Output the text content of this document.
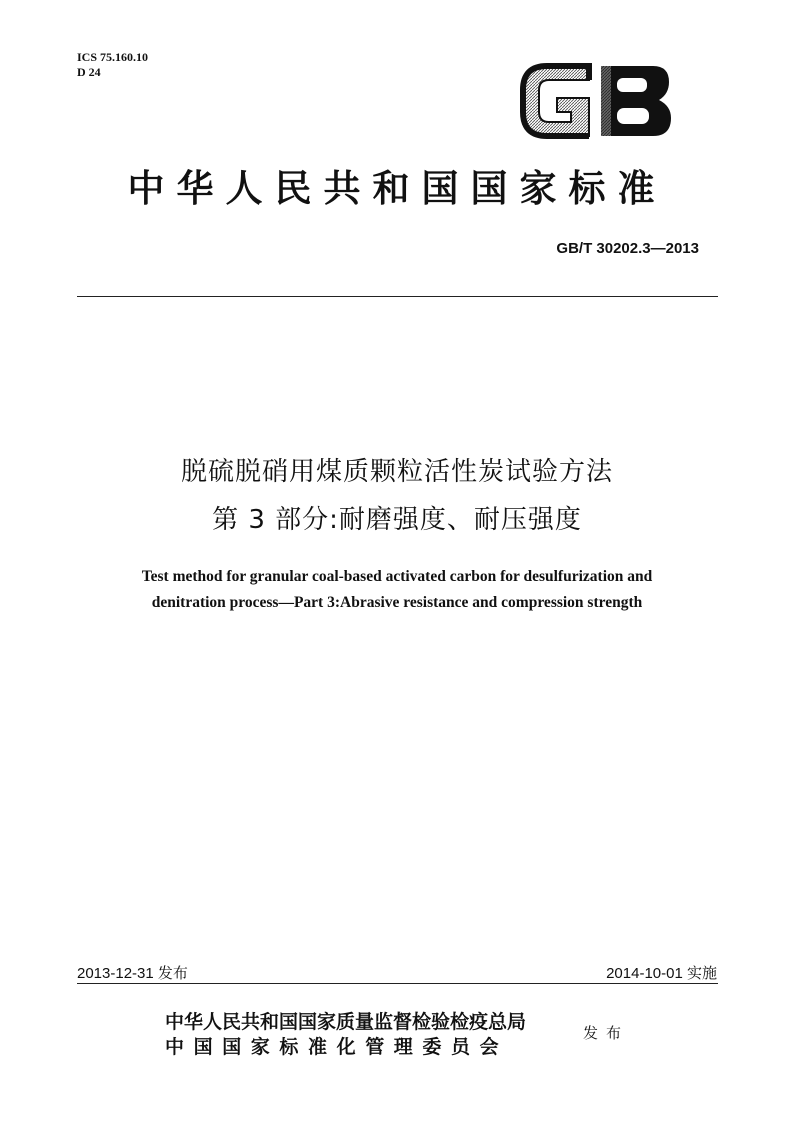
ICS 75.160.10
D 24
中华人民共和国国家标准
GB/T 30202.3—2013
脱硫脱硝用煤质颗粒活性炭试验方法
第 3 部分:耐磨强度、耐压强度
Test method for granular coal-based activated carbon for desulfurization and
denitration process—Part 3:Abrasive resistance and compression strength
2013-12-31 发布	2014-10-01 实施
中华人民共和国国家质量监督检验检疫总局
中国国家标准化管理委员会
发布
